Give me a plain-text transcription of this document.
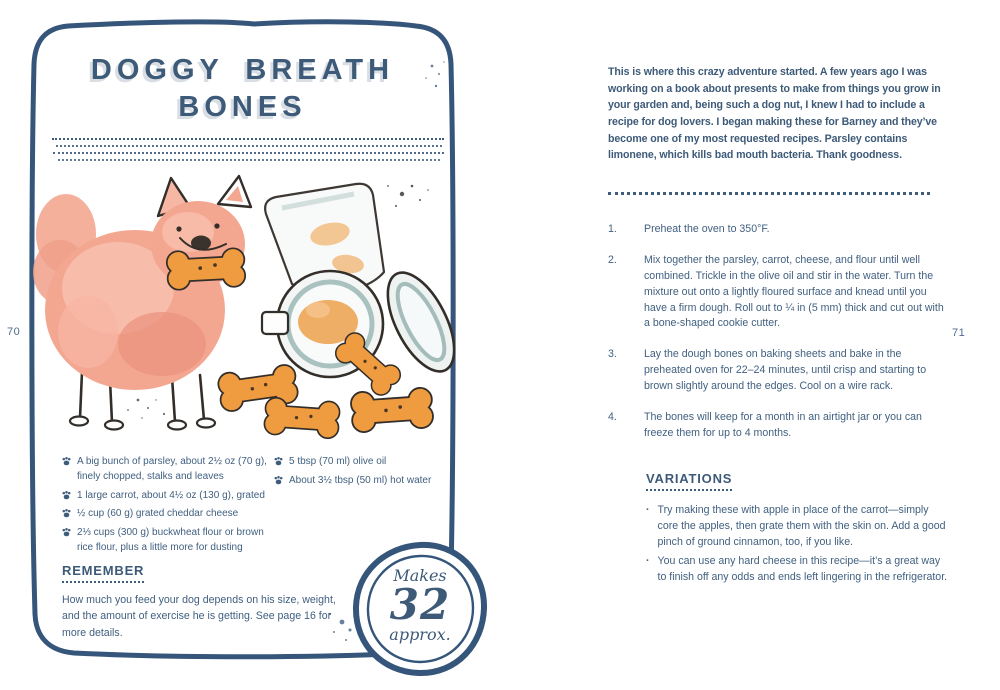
70	71
DOGGY BREATH
BONES
A big bunch of parsley, about 2½ oz (70 g), finely chopped, stalks and leaves
1 large carrot, about 4½ oz (130 g), grated
½ cup (60 g) grated cheddar cheese
2⅓ cups (300 g) buckwheat flour or brown rice flour, plus a little more for dusting
5 tbsp (70 ml) olive oil
About 3½ tbsp (50 ml) hot water
REMEMBER

How much you feed your dog depends on his size, weight, and the amount of exercise he is getting. See page 16 for more details.

Makes
32
approx.

This is where this crazy adventure started. A few years ago I was working on a book about presents to make from things you grow in your garden and, being such a dog nut, I knew I had to include a recipe for dog lovers. I began making these for Barney and they’ve become one of my most requested recipes. Parsley contains limonene, which kills bad mouth bacteria. Thank goodness.

1.	Preheat the oven to 350°F.
2.	Mix together the parsley, carrot, cheese, and flour until well combined. Trickle in the olive oil and stir in the water. Turn the mixture out onto a lightly floured surface and knead until you have a firm dough. Roll out to ¼ in (5 mm) thick and cut out with a bone-shaped cookie cutter.
3.	Lay the dough bones on baking sheets and bake in the preheated oven for 22–24 minutes, until crisp and starting to brown slightly around the edges. Cool on a wire rack.
4.	The bones will keep for a month in an airtight jar or you can freeze them for up to 4 months.
VARIATIONS
· Try making these with apple in place of the carrot—simply core the apples, then grate them with the skin on. Add a good pinch of ground cinnamon, too, if you like.
· You can use any hard cheese in this recipe—it’s a great way to finish off any odds and ends left lingering in the refrigerator.
